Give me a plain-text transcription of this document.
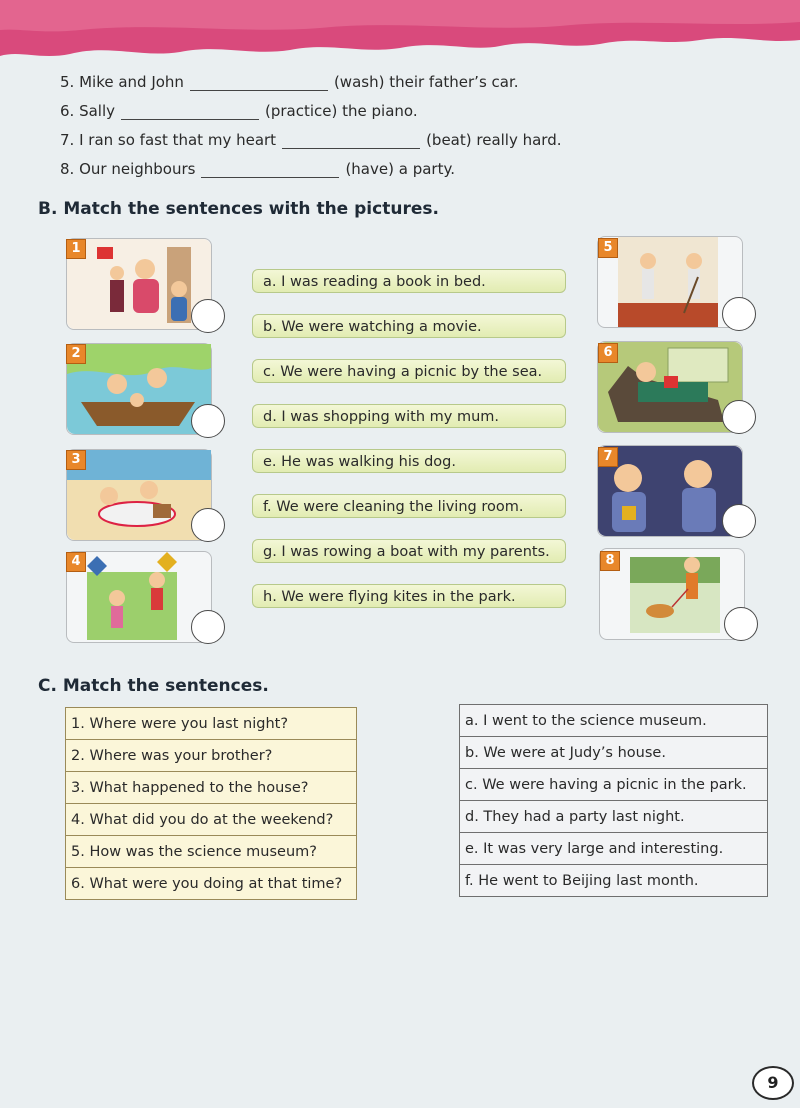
5. Mike and John	(wash) their father’s car.
6. Sally	(practice) the piano.
7. I ran so fast that my heart	(beat) really hard.
8. Our neighbours	(have) a party.
B. Match the sentences with the pictures.
1
2
3
4
a. I was reading a book in bed.
b. We were watching a movie.
c. We were having a picnic by the sea.
d. I was shopping with my mum.
e. He was walking his dog.
f. We were cleaning the living room.
g. I was rowing a boat with my parents.
h. We were flying kites in the park.
5
6
7
8
C. Match the sentences.
1. Where were you last night?
2. Where was your brother?
3. What happened to the house?
4. What did you do at the weekend?
5. How was the science museum?
6. What were you doing at that time?
a. I went to the science museum.
b. We were at Judy’s house.
c. We were having a picnic in the park.
d. They had a party last night.
e. It was very large and interesting.
f. He went to Beijing last month.
9
